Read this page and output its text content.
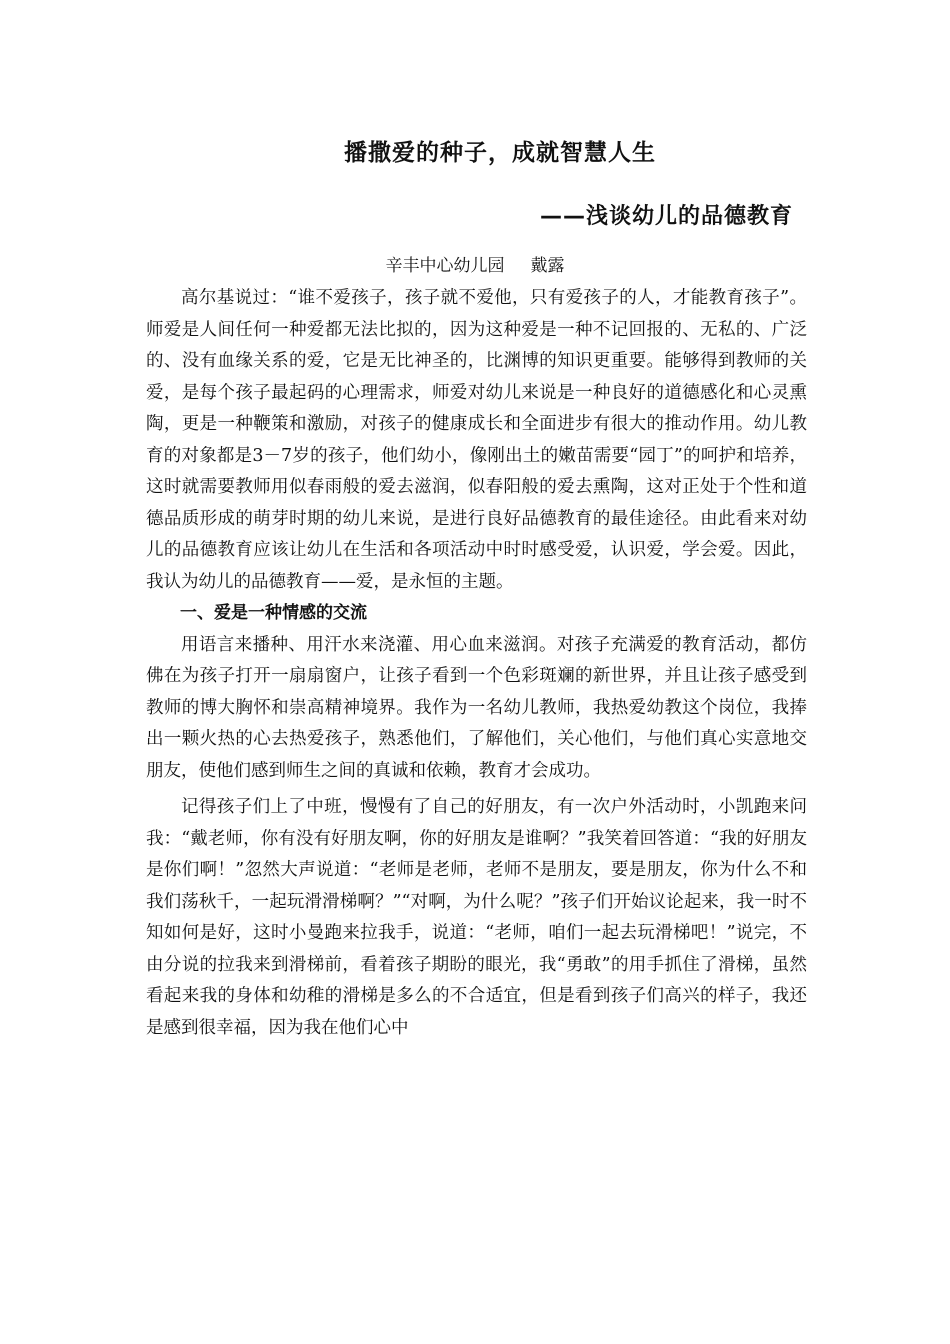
播撒爱的种子，成就智慧人生
——浅谈幼儿的品德教育
辛丰中心幼儿园 戴露

高尔基说过：“谁不爱孩子，孩子就不爱他，只有爱孩子的人，才能教育孩子”。师爱是人间任何一种爱都无法比拟的，因为这种爱是一种不记回报的、无私的、广泛的、没有血缘关系的爱，它是无比神圣的，比渊博的知识更重要。能够得到教师的关爱，是每个孩子最起码的心理需求，师爱对幼儿来说是一种良好的道德感化和心灵熏陶，更是一种鞭策和激励，对孩子的健康成长和全面进步有很大的推动作用。幼儿教育的对象都是3－7岁的孩子，他们幼小，像刚出土的嫩苗需要“园丁”的呵护和培养，这时就需要教师用似春雨般的爱去滋润，似春阳般的爱去熏陶，这对正处于个性和道德品质形成的萌芽时期的幼儿来说，是进行良好品德教育的最佳途径。由此看来对幼儿的品德教育应该让幼儿在生活和各项活动中时时感受爱，认识爱，学会爱。因此，我认为幼儿的品德教育——爱，是永恒的主题。

一、爱是一种情感的交流

用语言来播种、用汗水来浇灌、用心血来滋润。对孩子充满爱的教育活动，都仿佛在为孩子打开一扇扇窗户，让孩子看到一个色彩斑斓的新世界，并且让孩子感受到教师的博大胸怀和崇高精神境界。我作为一名幼儿教师，我热爱幼教这个岗位，我捧出一颗火热的心去热爱孩子，熟悉他们，了解他们，关心他们，与他们真心实意地交朋友，使他们感到师生之间的真诚和依赖，教育才会成功。

记得孩子们上了中班，慢慢有了自己的好朋友，有一次户外活动时，小凯跑来问我：“戴老师，你有没有好朋友啊，你的好朋友是谁啊？”我笑着回答道：“我的好朋友是你们啊！”忽然大声说道：“老师是老师，老师不是朋友，要是朋友，你为什么不和我们荡秋千，一起玩滑滑梯啊？”“对啊，为什么呢？”孩子们开始议论起来，我一时不知如何是好，这时小曼跑来拉我手，说道：“老师，咱们一起去玩滑梯吧！”说完，不由分说的拉我来到滑梯前，看着孩子期盼的眼光，我“勇敢”的用手抓住了滑梯，虽然看起来我的身体和幼稚的滑梯是多么的不合适宜，但是看到孩子们高兴的样子，我还是感到很幸福，因为我在他们心中
